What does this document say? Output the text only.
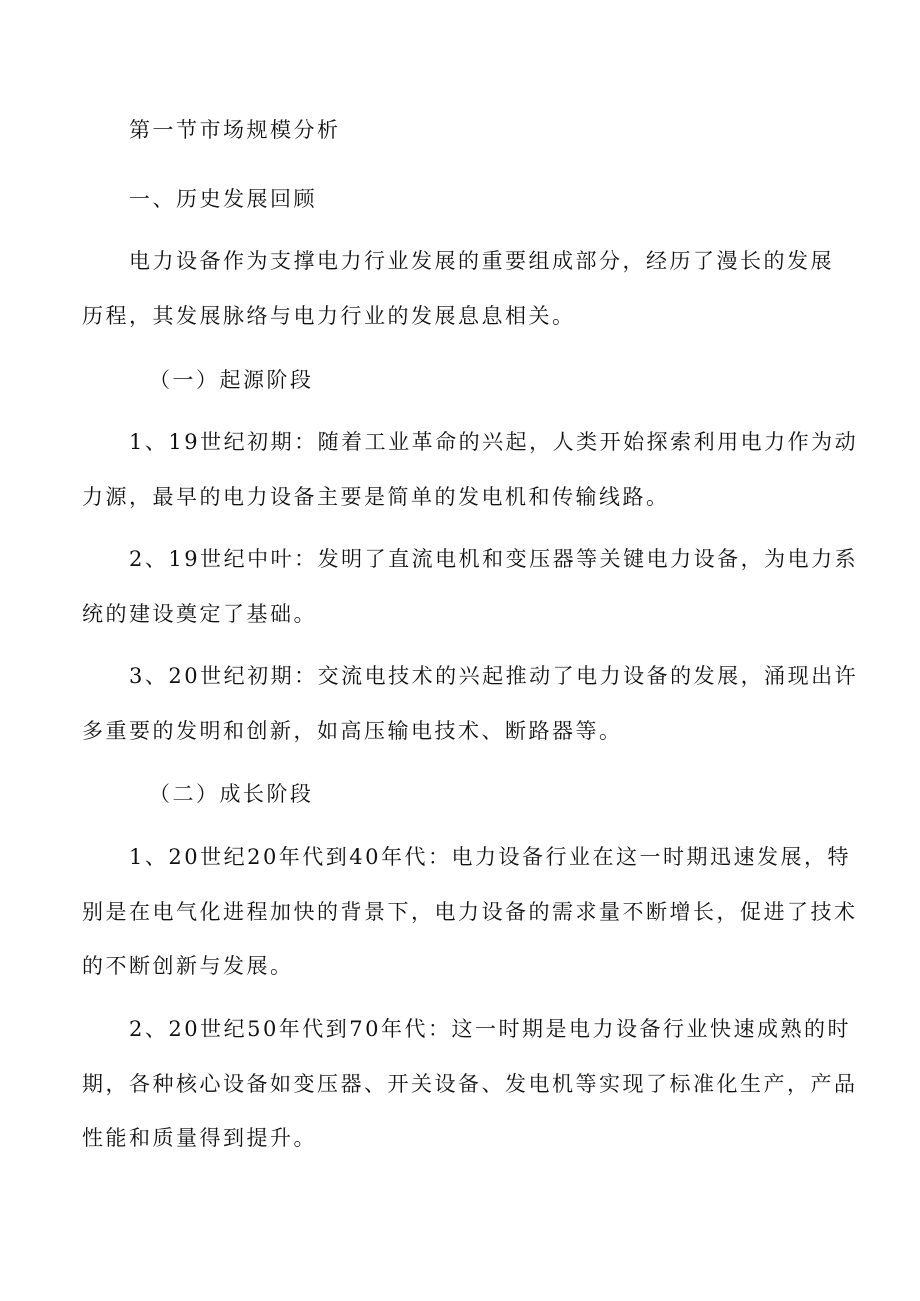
第一节市场规模分析
一、历史发展回顾
电力设备作为支撑电力行业发展的重要组成部分，经历了漫长的发展
历程，其发展脉络与电力行业的发展息息相关。
（一）起源阶段
1、19世纪初期：随着工业革命的兴起，人类开始探索利用电力作为动
力源，最早的电力设备主要是简单的发电机和传输线路。
2、19世纪中叶：发明了直流电机和变压器等关键电力设备，为电力系
统的建设奠定了基础。
3、20世纪初期：交流电技术的兴起推动了电力设备的发展，涌现出许
多重要的发明和创新，如高压输电技术、断路器等。
（二）成长阶段
1、20世纪20年代到40年代：电力设备行业在这一时期迅速发展，特
别是在电气化进程加快的背景下，电力设备的需求量不断增长，促进了技术
的不断创新与发展。
2、20世纪50年代到70年代：这一时期是电力设备行业快速成熟的时
期，各种核心设备如变压器、开关设备、发电机等实现了标准化生产，产品
性能和质量得到提升。
